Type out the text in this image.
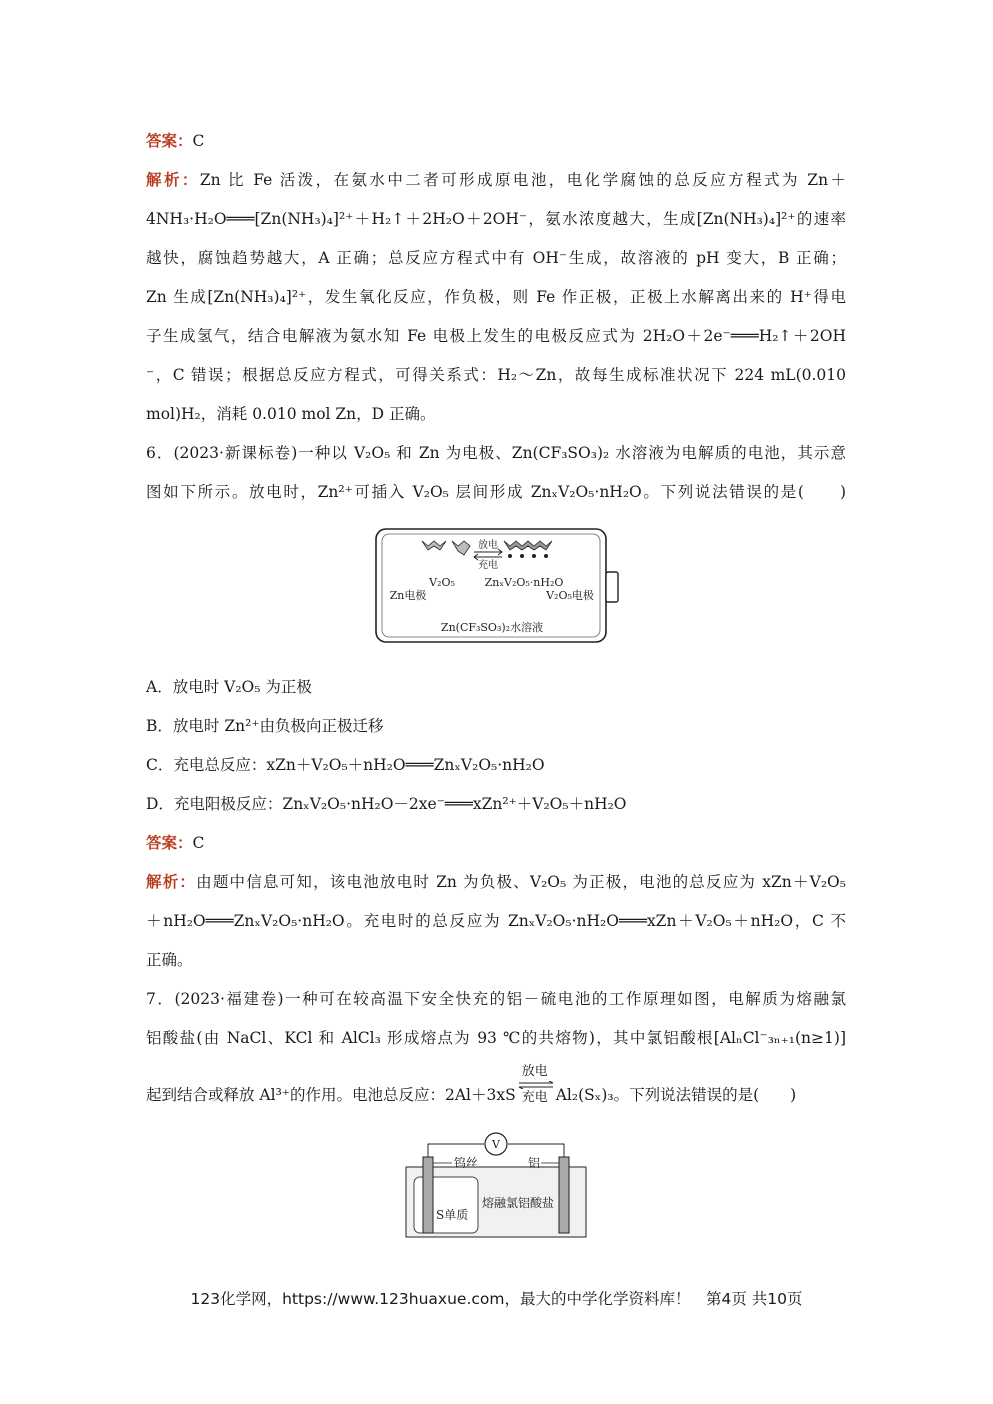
答案：C
解析：Zn 比 Fe 活泼，在氨水中二者可形成原电池，电化学腐蚀的总反应方程式为 Zn＋
4NH₃·H₂O═══[Zn(NH₃)₄]²⁺＋H₂↑＋2H₂O＋2OH⁻，氨水浓度越大，生成[Zn(NH₃)₄]²⁺的速率
越快，腐蚀趋势越大，A 正确；总反应方程式中有 OH⁻生成，故溶液的 pH 变大，B 正确；
Zn 生成[Zn(NH₃)₄]²⁺，发生氧化反应，作负极，则 Fe 作正极，正极上水解离出来的 H⁺得电
子生成氢气，结合电解液为氨水知 Fe 电极上发生的电极反应式为 2H₂O＋2e⁻═══H₂↑＋2OH
⁻，C 错误；根据总反应方程式，可得关系式：H₂～Zn，故每生成标准状况下 224 mL(0.010
mol)H₂，消耗 0.010 mol Zn，D 正确。
6．(2023·新课标卷)一种以 V₂O₅ 和 Zn 为电极、Zn(CF₃SO₃)₂ 水溶液为电解质的电池，其示意
图如下所示。放电时，Zn²⁺可插入 V₂O₅ 层间形成 ZnₓV₂O₅·nH₂O。下列说法错误的是(　　)
放电
充电
V₂O₅	ZnₓV₂O₅·nH₂O
Zn电极	V₂O₅电极
Zn(CF₃SO₃)₂水溶液
A．放电时 V₂O₅ 为正极
B．放电时 Zn²⁺由负极向正极迁移
C．充电总反应：xZn＋V₂O₅＋nH₂O═══ZnₓV₂O₅·nH₂O
D．充电阳极反应：ZnₓV₂O₅·nH₂O－2xe⁻═══xZn²⁺＋V₂O₅＋nH₂O
答案：C
解析：由题中信息可知，该电池放电时 Zn 为负极、V₂O₅ 为正极，电池的总反应为 xZn＋V₂O₅
＋nH₂O═══ZnₓV₂O₅·nH₂O。充电时的总反应为 ZnₓV₂O₅·nH₂O═══xZn＋V₂O₅＋nH₂O，C 不
正确。
7．(2023·福建卷)一种可在较高温下安全快充的铝－硫电池的工作原理如图，电解质为熔融氯
铝酸盐(由 NaCl、KCl 和 AlCl₃ 形成熔点为 93 ℃的共熔物)，其中氯铝酸根[AlₙCl⁻₃ₙ₊₁(n≥1)]
起到结合或释放 Al³⁺的作用。电池总反应：2Al＋3xS
放电
充电 Al₂(Sₓ)₃。下列说法错误的是(　　)
V
钨丝	铝
S单质
熔融氯铝酸盐
123化学网，https://www.123huaxue.com，最大的中学化学资料库！　第4页 共10页
